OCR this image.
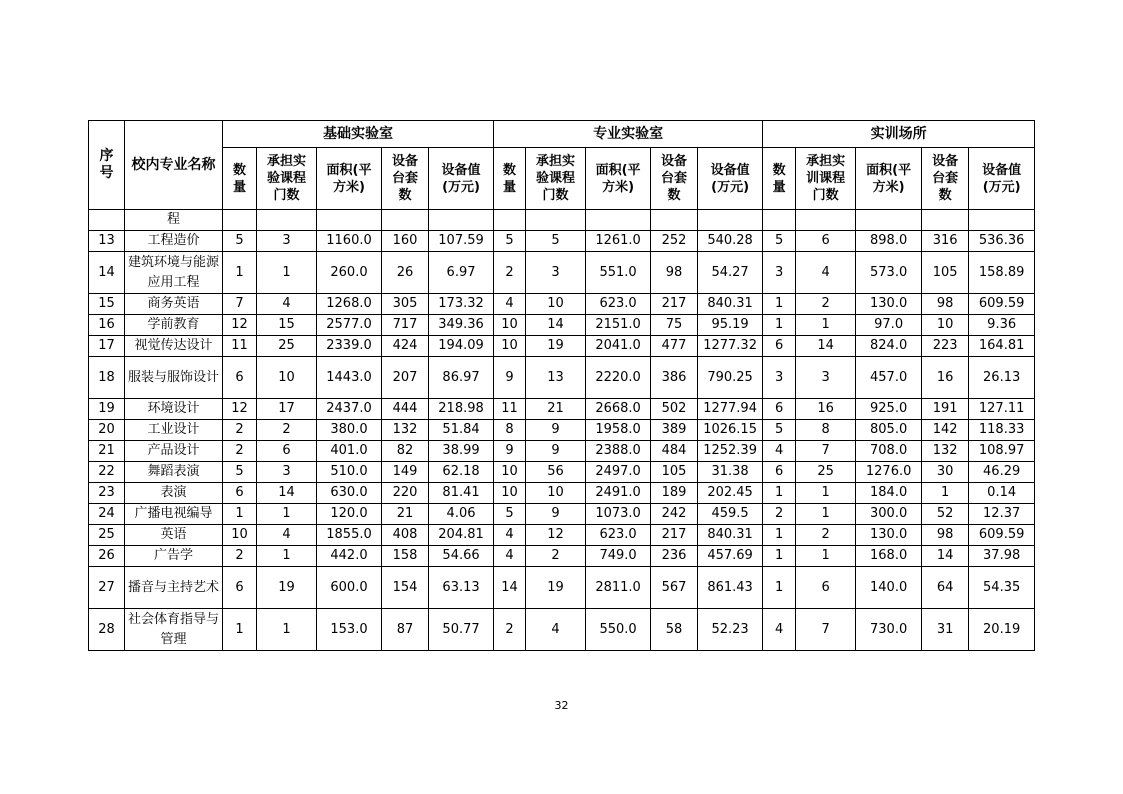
序号	校内专业名称	基础实验室					专业实验室					实训场所				
		数量	承担实验课程门数	面积(平方米)	设备台套数	设备值(万元)	数量	承担实验课程门数	面积(平方米)	设备台套数	设备值(万元)	数量	承担实训课程门数	面积(平方米)	设备台套数	设备值(万元)
	程															
13	工程造价	5	3	1160.0	160	107.59	5	5	1261.0	252	540.28	5	6	898.0	316	536.36
14	建筑环境与能源应用工程	1	1	260.0	26	6.97	2	3	551.0	98	54.27	3	4	573.0	105	158.89
15	商务英语	7	4	1268.0	305	173.32	4	10	623.0	217	840.31	1	2	130.0	98	609.59
16	学前教育	12	15	2577.0	717	349.36	10	14	2151.0	75	95.19	1	1	97.0	10	9.36
17	视觉传达设计	11	25	2339.0	424	194.09	10	19	2041.0	477	1277.32	6	14	824.0	223	164.81
18	服装与服饰设计	6	10	1443.0	207	86.97	9	13	2220.0	386	790.25	3	3	457.0	16	26.13
19	环境设计	12	17	2437.0	444	218.98	11	21	2668.0	502	1277.94	6	16	925.0	191	127.11
20	工业设计	2	2	380.0	132	51.84	8	9	1958.0	389	1026.15	5	8	805.0	142	118.33
21	产品设计	2	6	401.0	82	38.99	9	9	2388.0	484	1252.39	4	7	708.0	132	108.97
22	舞蹈表演	5	3	510.0	149	62.18	10	56	2497.0	105	31.38	6	25	1276.0	30	46.29
23	表演	6	14	630.0	220	81.41	10	10	2491.0	189	202.45	1	1	184.0	1	0.14
24	广播电视编导	1	1	120.0	21	4.06	5	9	1073.0	242	459.5	2	1	300.0	52	12.37
25	英语	10	4	1855.0	408	204.81	4	12	623.0	217	840.31	1	2	130.0	98	609.59
26	广告学	2	1	442.0	158	54.66	4	2	749.0	236	457.69	1	1	168.0	14	37.98
27	播音与主持艺术	6	19	600.0	154	63.13	14	19	2811.0	567	861.43	1	6	140.0	64	54.35
28	社会体育指导与管理	1	1	153.0	87	50.77	2	4	550.0	58	52.23	4	7	730.0	31	20.19
32
